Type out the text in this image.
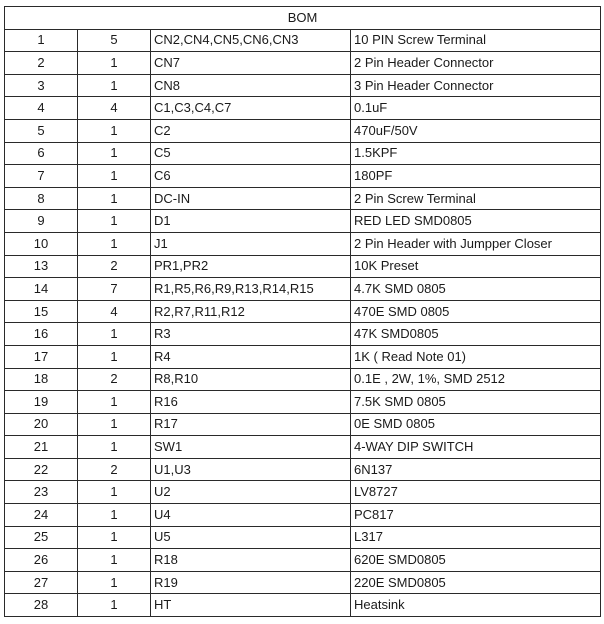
BOM			
1	5	CN2,CN4,CN5,CN6,CN3	10 PIN Screw Terminal
2	1	CN7	2 Pin Header Connector
3	1	CN8	3 Pin Header Connector
4	4	C1,C3,C4,C7	0.1uF
5	1	C2	470uF/50V
6	1	C5	1.5KPF
7	1	C6	180PF
8	1	DC-IN	2 Pin Screw Terminal
9	1	D1	RED LED SMD0805
10	1	J1	2 Pin Header with Jumpper Closer
13	2	PR1,PR2	10K Preset
14	7	R1,R5,R6,R9,R13,R14,R15	4.7K SMD 0805
15	4	R2,R7,R11,R12	470E SMD 0805
16	1	R3	47K SMD0805
17	1	R4	1K ( Read Note 01)
18	2	R8,R10	0.1E , 2W, 1%, SMD 2512
19	1	R16	7.5K SMD 0805
20	1	R17	0E SMD 0805
21	1	SW1	4-WAY DIP SWITCH
22	2	U1,U3	6N137
23	1	U2	LV8727
24	1	U4	PC817
25	1	U5	L317
26	1	R18	620E SMD0805
27	1	R19	220E SMD0805
28	1	HT	Heatsink
